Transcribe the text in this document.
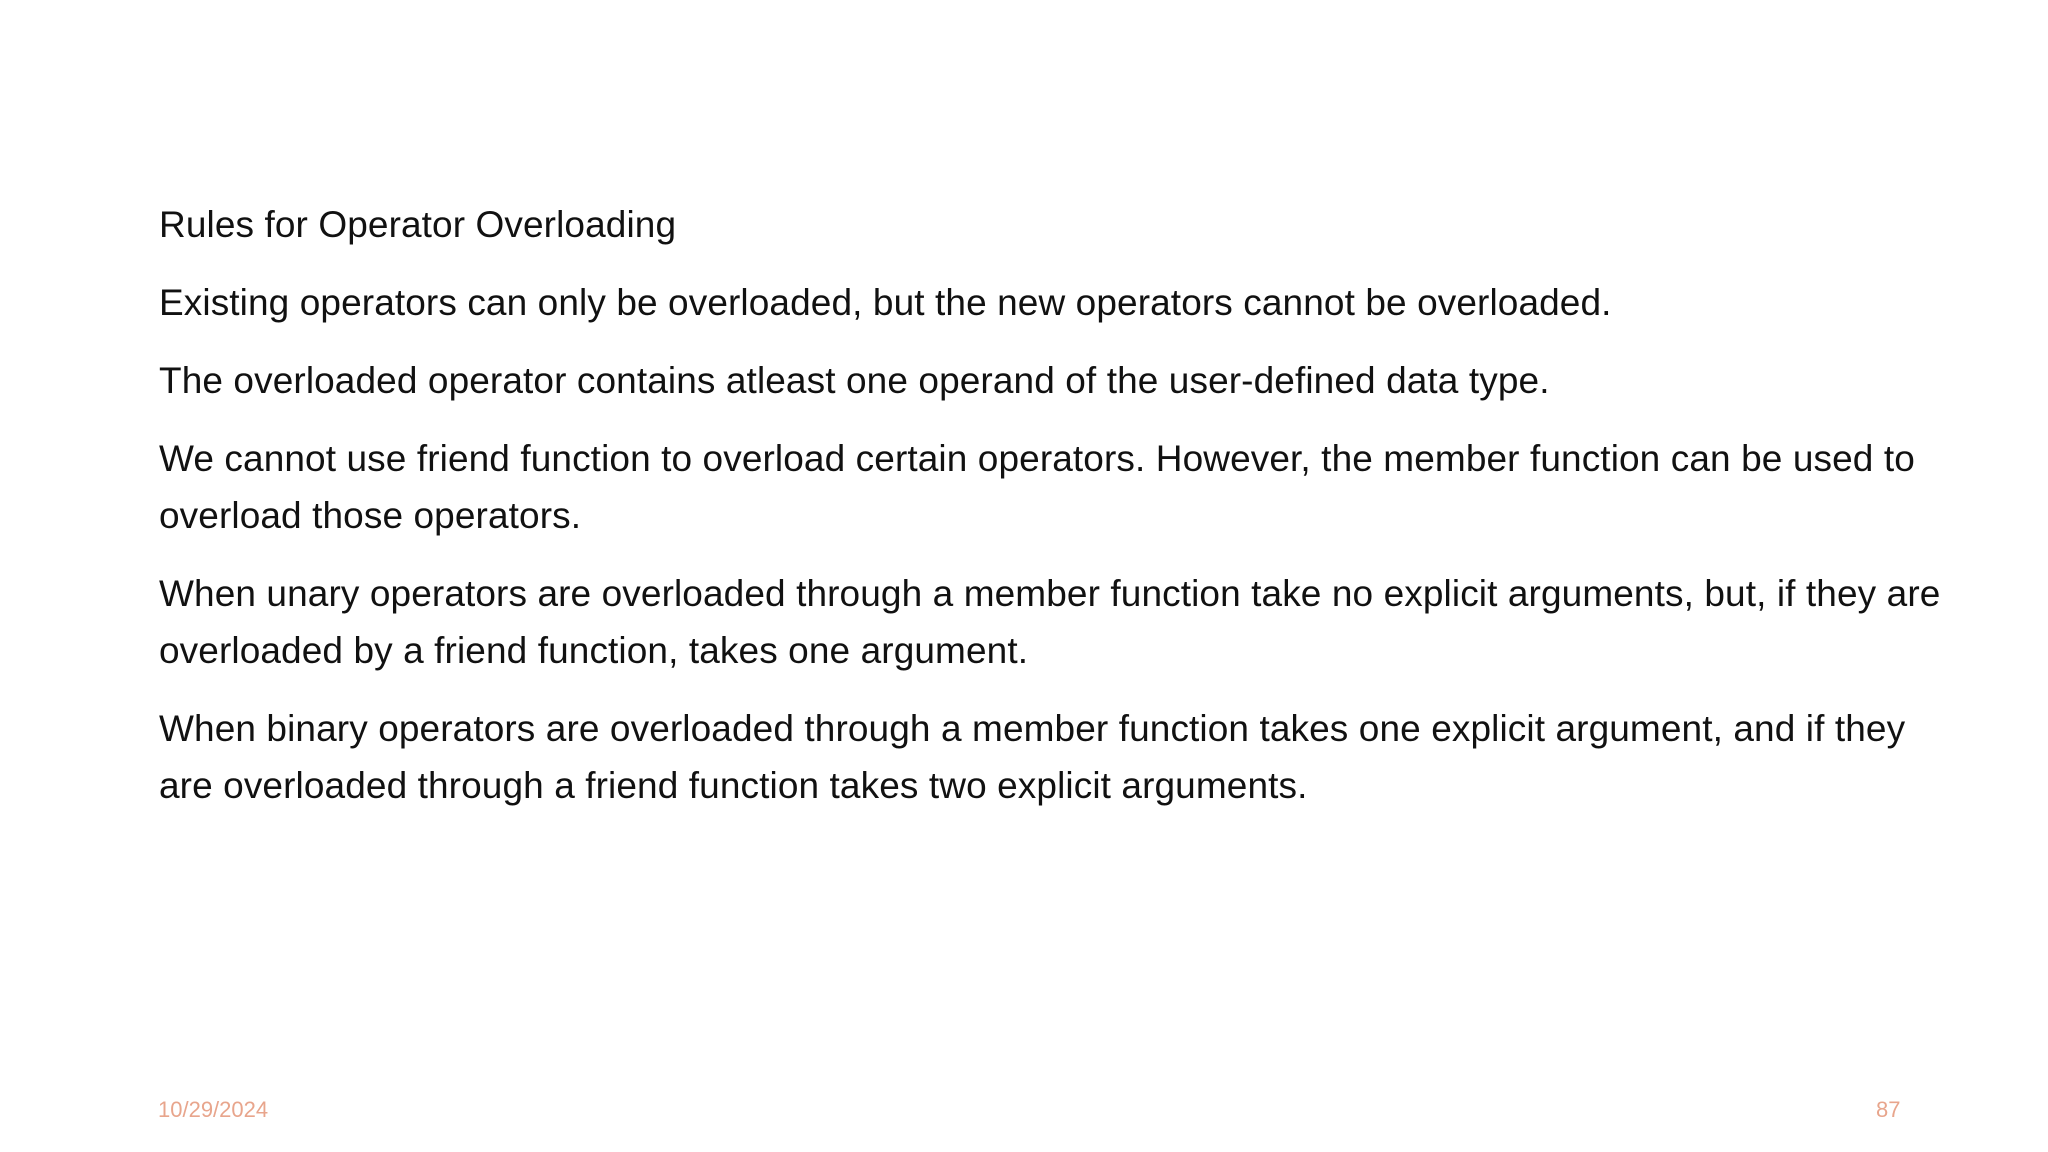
Rules for Operator Overloading

Existing operators can only be overloaded, but the new operators cannot be overloaded.

The overloaded operator contains atleast one operand of the user-defined data type.

We cannot use friend function to overload certain operators. However, the member function can be used to overload those operators.

When unary operators are overloaded through a member function take no explicit arguments, but, if they are overloaded by a friend function, takes one argument.

When binary operators are overloaded through a member function takes one explicit argument, and if they are overloaded through a friend function takes two explicit arguments.

10/29/2024	87
